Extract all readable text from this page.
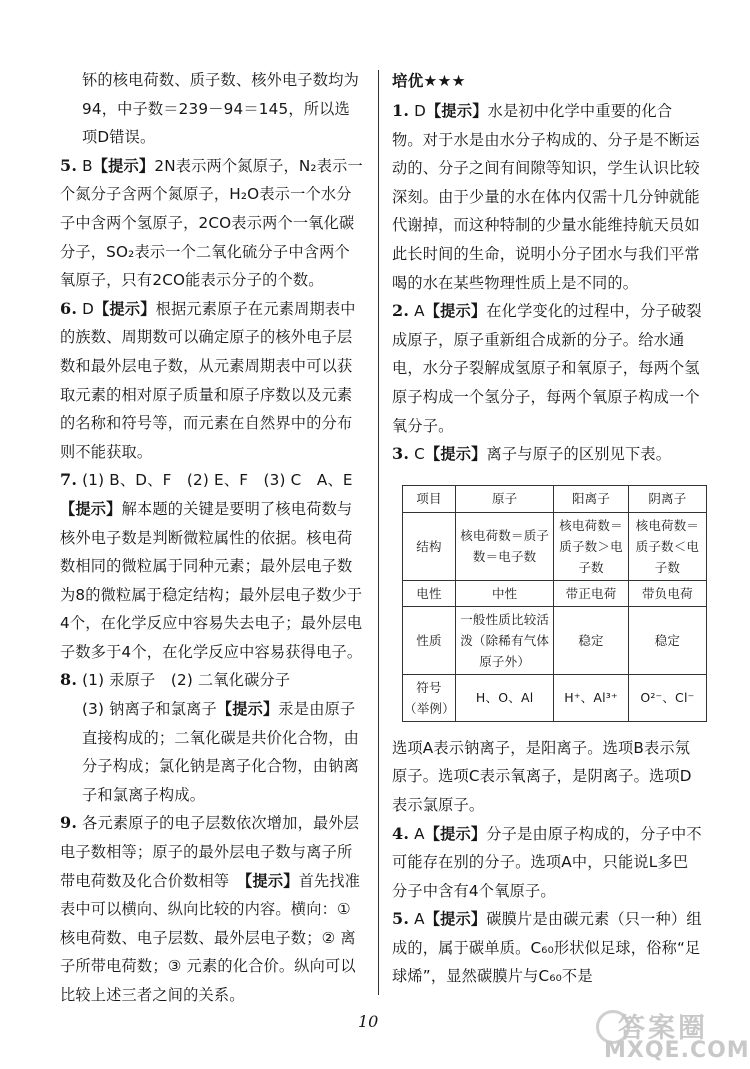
钚的核电荷数、质子数、核外电子数均为94，中子数＝239－94＝145，所以选项D错误。

5. B【提示】2N表示两个氮原子，N₂表示一个氮分子含两个氮原子，H₂O表示一个水分子中含两个氢原子，2CO表示两个一氧化碳分子，SO₂表示一个二氧化硫分子中含两个氧原子，只有2CO能表示分子的个数。

6. D【提示】根据元素原子在元素周期表中的族数、周期数可以确定原子的核外电子层数和最外层电子数，从元素周期表中可以获取元素的相对原子质量和原子序数以及元素的名称和符号等，而元素在自然界中的分布则不能获取。

7. (1) B、D、F　(2) E、F　(3) C　A、E

【提示】解本题的关键是要明了核电荷数与核外电子数是判断微粒属性的依据。核电荷数相同的微粒属于同种元素；最外层电子数为8的微粒属于稳定结构；最外层电子数少于4个，在化学反应中容易失去电子；最外层电子数多于4个，在化学反应中容易获得电子。

8. (1) 汞原子　(2) 二氧化碳分子

(3) 钠离子和氯离子【提示】汞是由原子直接构成的；二氧化碳是共价化合物，由分子构成；氯化钠是离子化合物，由钠离子和氯离子构成。

9. 各元素原子的电子层数依次增加，最外层电子数相等；原子的最外层电子数与离子所带电荷数及化合价数相等　【提示】首先找准表中可以横向、纵向比较的内容。横向：① 核电荷数、电子层数、最外层电子数；② 离子所带电荷数；③ 元素的化合价。纵向可以比较上述三者之间的关系。

培优★★★

1. D【提示】水是初中化学中重要的化合物。对于水是由水分子构成的、分子是不断运动的、分子之间有间隙等知识，学生认识比较深刻。由于少量的水在体内仅需十几分钟就能代谢掉，而这种特制的少量水能维持航天员如此长时间的生命，说明小分子团水与我们平常喝的水在某些物理性质上是不同的。

2. A【提示】在化学变化的过程中，分子破裂成原子，原子重新组合成新的分子。给水通电，水分子裂解成氢原子和氧原子，每两个氢原子构成一个氢分子，每两个氧原子构成一个氧分子。

3. C【提示】离子与原子的区别见下表。

项目	原子	阳离子	阴离子
结构	核电荷数＝质子数＝电子数	核电荷数＝质子数＞电子数	核电荷数＝质子数＜电子数
电性	中性	带正电荷	带负电荷
性质	一般性质比较活泼（除稀有气体原子外）	稳定	稳定
符号（举例）	H、O、Al	H⁺、Al³⁺	O²⁻、Cl⁻

选项A表示钠离子，是阳离子。选项B表示氖原子。选项C表示氧离子，是阴离子。选项D表示氯原子。

4. A【提示】分子是由原子构成的，分子中不可能存在别的分子。选项A中，只能说L多巴分子中含有4个氧原子。

5. A【提示】碳膜片是由碳元素（只一种）组成的，属于碳单质。C₆₀形状似足球，俗称“足球烯”，显然碳膜片与C₆₀不是

10	答案圈
MXQE.COM
